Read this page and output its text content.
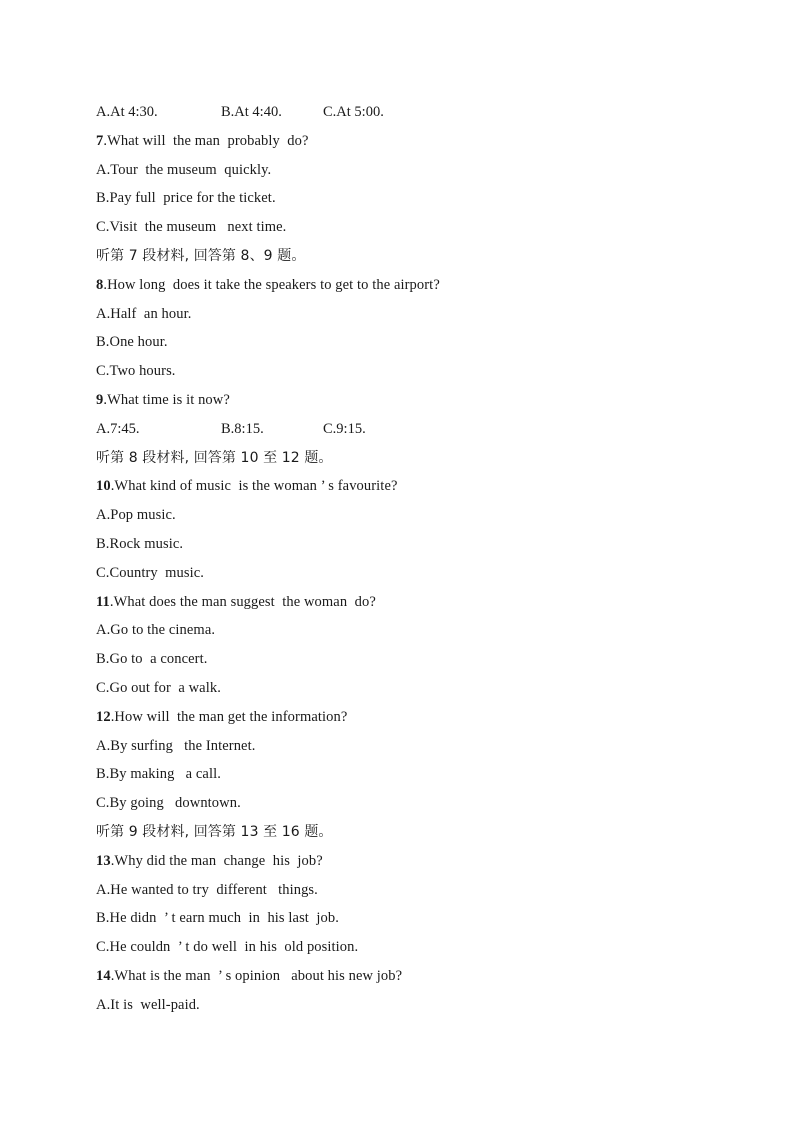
A.At 4:30.	B.At 4:40.	C.At 5:00.
7.What will  the man  probably  do?
A.Tour  the museum  quickly.
B.Pay full  price for the ticket.
C.Visit  the museum   next time.
听第 7 段材料, 回答第 8、9 题。
8.How long  does it take the speakers to get to the airport?
A.Half  an hour.
B.One hour.
C.Two hours.
9.What time is it now?
A.7:45.	B.8:15.	C.9:15.
听第 8 段材料, 回答第 10 至 12 题。
10.What kind of music  is the woman ’ s favourite?
A.Pop music.
B.Rock music.
C.Country  music.
11.What does the man suggest  the woman  do?
A.Go to the cinema.
B.Go to  a concert.
C.Go out for  a walk.
12.How will  the man get the information?
A.By surfing   the Internet.
B.By making   a call.
C.By going   downtown.
听第 9 段材料, 回答第 13 至 16 题。
13.Why did the man  change  his  job?
A.He wanted to try  different   things.
B.He didn  ’ t earn much  in  his last  job.
C.He couldn  ’ t do well  in his  old position.
14.What is the man  ’ s opinion   about his new job?
A.It is  well-paid.
